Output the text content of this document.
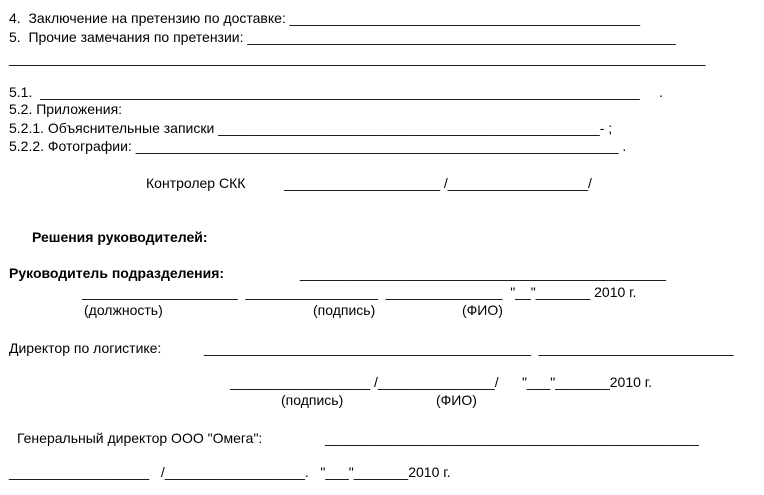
4.  Заключение на претензию по доставке: _____________________________________________
5.  Прочие замечания по претензии: _______________________________________________________
_____________________________________________________________________________________________
5.1.  _____________________________________________________________________________     .
5.2. Приложения:
5.2.1. Объяснительные записки _________________________________________________- ;
5.2.2. Фотографии: ______________________________________________________________ .
Контролер СКК          ____________________ /__________________/
Решения руководителей:
Руководитель подразделения:	_______________________________________________
____________________  _________________  _______________  "__"_______ 2010 г.
(должность)	(подпись)	(ФИО)
Директор по логистике:	__________________________________________  _________________________
__________________ /_______________/      "___"_______2010 г.
(подпись)	(ФИО)
Генеральный директор ООО "Омега":	________________________________________________
__________________   /__________________.   "___"_______2010 г.
